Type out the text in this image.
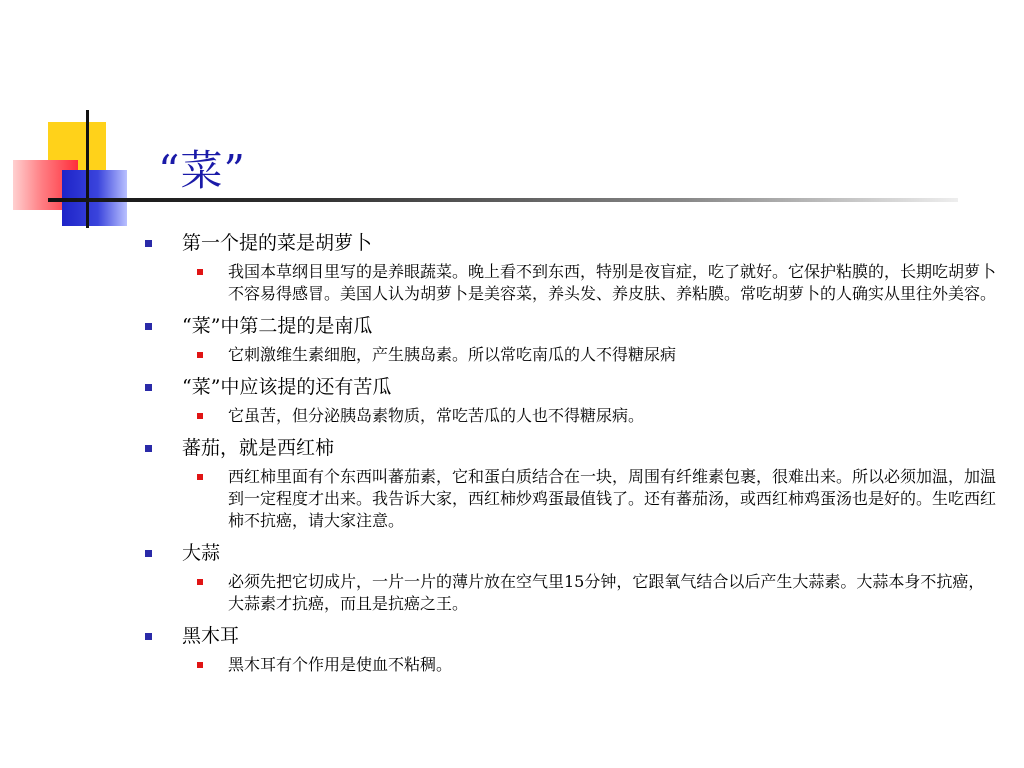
“菜”
第一个提的菜是胡萝卜
我国本草纲目里写的是养眼蔬菜。晚上看不到东西，特别是夜盲症，吃了就好。它保护粘膜的，长期吃胡萝卜不容易得感冒。美国人认为胡萝卜是美容菜，养头发、养皮肤、养粘膜。常吃胡萝卜的人确实从里往外美容。
“菜”中第二提的是南瓜
它刺激维生素细胞，产生胰岛素。所以常吃南瓜的人不得糖尿病
“菜”中应该提的还有苦瓜
它虽苦，但分泌胰岛素物质，常吃苦瓜的人也不得糖尿病。
蕃茄，就是西红柿
西红柿里面有个东西叫蕃茄素，它和蛋白质结合在一块，周围有纤维素包裹，很难出来。所以必须加温，加温到一定程度才出来。我告诉大家，西红柿炒鸡蛋最值钱了。还有蕃茄汤，或西红柿鸡蛋汤也是好的。生吃西红柿不抗癌，请大家注意。
大蒜
必须先把它切成片，一片一片的薄片放在空气里15分钟，它跟氧气结合以后产生大蒜素。大蒜本身不抗癌，大蒜素才抗癌，而且是抗癌之王。
黑木耳
黑木耳有个作用是使血不粘稠。
